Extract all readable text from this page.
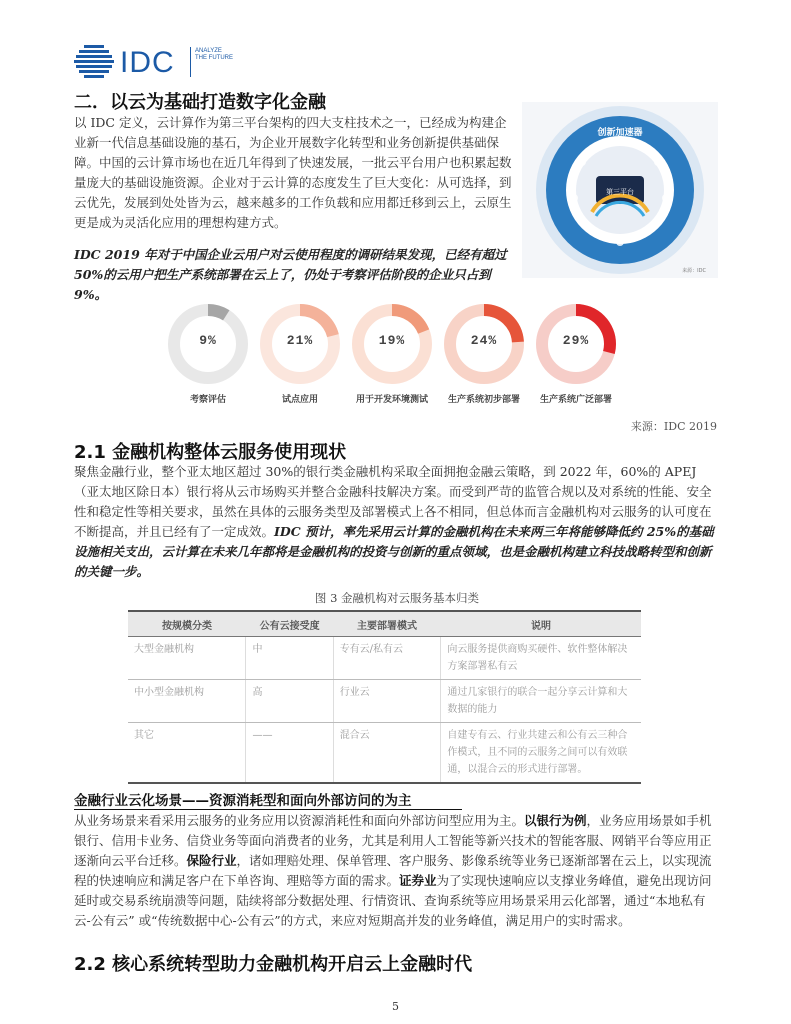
IDC	ANALYZE THE FUTURE
二．以云为基础打造数字化金融

以 IDC 定义，云计算作为第三平台架构的四大支柱技术之一，已经成为构建企业新一代信息基础设施的基石，为企业开展数字化转型和业务创新提供基础保障。中国的云计算市场也在近几年得到了快速发展，一批云平台用户也积累起数量庞大的基础设施资源。企业对于云计算的态度发生了巨大变化：从可选择，到云优先，发展到处处皆为云，越来越多的工作负载和应用都迁移到云上，云原生更是成为灵活化应用的理想构建方式。

IDC 2019 年对于中国企业云用户对云使用程度的调研结果发现，已经有超过 50%的云用户把生产系统部署在云上了，仍处于考察评估阶段的企业只占到 9%。

第三平台
创新加速器
来源：IDC
9%
考察评估
21%
试点应用
19%
用于开发环境测试
24%
生产系统初步部署
29%
生产系统广泛部署
来源：IDC 2019
2.1 金融机构整体云服务使用现状

聚焦金融行业，整个亚太地区超过 30%的银行类金融机构采取全面拥抱金融云策略，到 2022 年，60%的 APEJ（亚太地区除日本）银行将从云市场购买并整合金融科技解决方案。而受到严苛的监管合规以及对系统的性能、安全性和稳定性等相关要求，虽然在具体的云服务类型及部署模式上各不相同，但总体而言金融机构对云服务的认可度在不断提高，并且已经有了一定成效。IDC 预计，率先采用云计算的金融机构在未来两三年将能够降低约 25%的基础设施相关支出，云计算在未来几年都将是金融机构的投资与创新的重点领域，也是金融机构建立科技战略转型和创新的关键一步。

图 3 金融机构对云服务基本归类
按规模分类	公有云接受度	主要部署模式	说明
大型金融机构	中	专有云/私有云	向云服务提供商购买硬件、软件整体解决方案部署私有云
中小型金融机构	高	行业云	通过几家银行的联合一起分享云计算和大数据的能力
其它	——	混合云	自建专有云、行业共建云和公有云三种合作模式，且不同的云服务之间可以有效联通，以混合云的形式进行部署。
金融行业云化场景——资源消耗型和面向外部访问的为主

从业务场景来看采用云服务的业务应用以资源消耗性和面向外部访问型应用为主。以银行为例，业务应用场景如手机银行、信用卡业务、信贷业务等面向消费者的业务，尤其是利用人工智能等新兴技术的智能客服、网销平台等应用正逐渐向云平台迁移。保险行业，诸如理赔处理、保单管理、客户服务、影像系统等业务已逐渐部署在云上，以实现流程的快速响应和满足客户在下单咨询、理赔等方面的需求。证券业为了实现快速响应以支撑业务峰值，避免出现访问延时或交易系统崩溃等问题，陆续将部分数据处理、行情资讯、查询系统等应用场景采用云化部署，通过“本地私有云-公有云” 或“传统数据中心-公有云”的方式，来应对短期高并发的业务峰值，满足用户的实时需求。

2.2 核心系统转型助力金融机构开启云上金融时代
5
